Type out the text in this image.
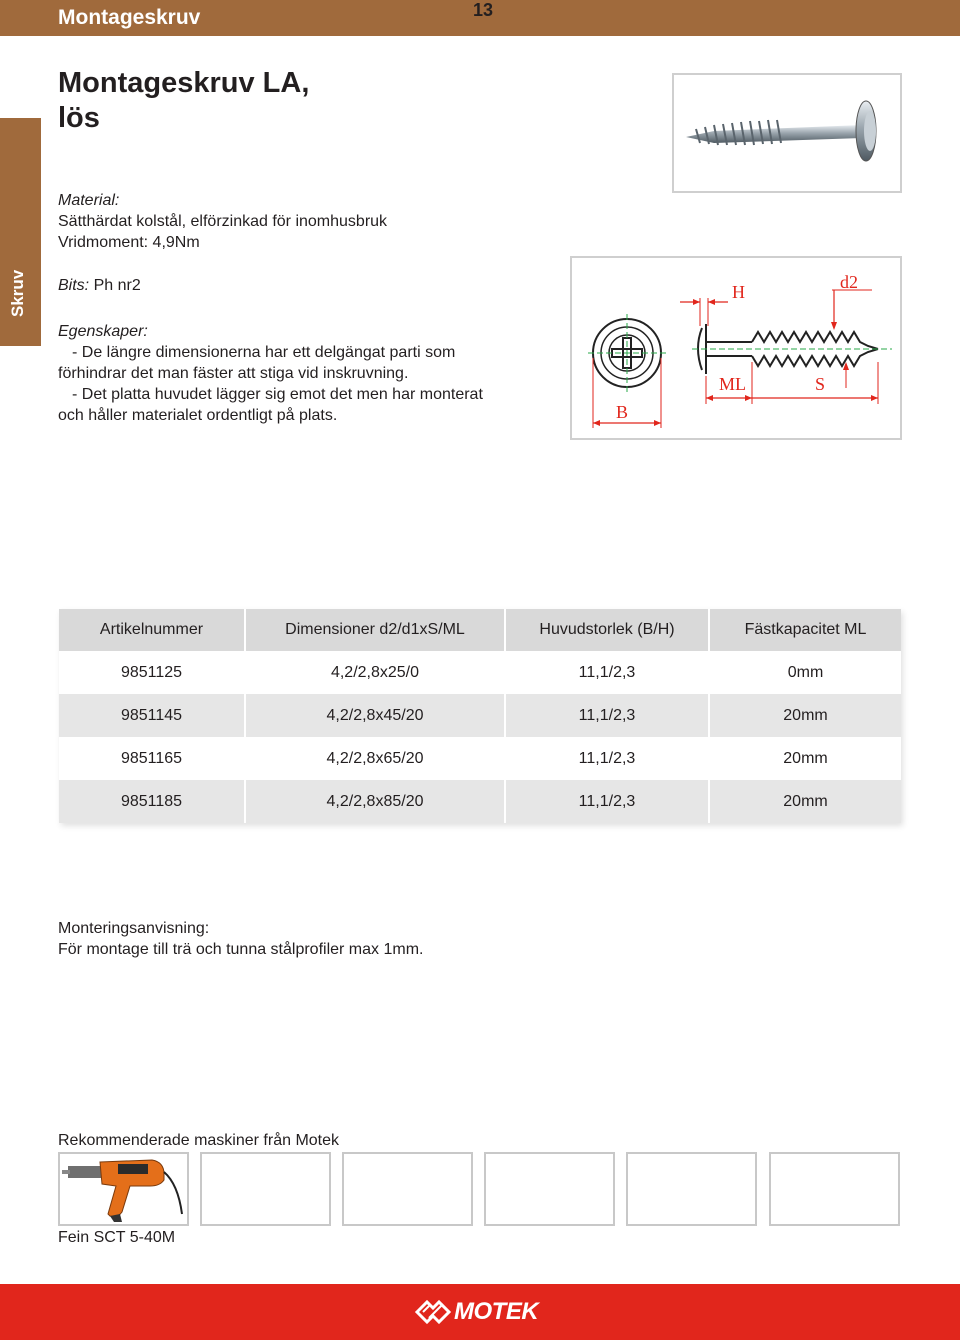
Montageskruv	13
Skruv
Montageskruv LA,
lös
Material:
Sätthärdat kolstål, elförzinkad för inomhusbruk
Vridmoment: 4,9Nm
Bits: Ph nr2
Egenskaper:
- De längre dimensionerna har ett delgängat parti som
förhindrar det man fäster att stiga vid inskruvning.
- Det platta huvudet lägger sig emot det men har monterat
och håller materialet ordentligt på plats.	B
H	d2
ML	S
Artikelnummer	Dimensioner d2/d1xS/ML	Huvudstorlek (B/H)	Fästkapacitet ML
9851125	4,2/2,8x25/0	11,1/2,3	0mm
9851145	4,2/2,8x45/20	11,1/2,3	20mm
9851165	4,2/2,8x65/20	11,1/2,3	20mm
9851185	4,2/2,8x85/20	11,1/2,3	20mm
Monteringsanvisning:
För montage till trä och tunna stålprofiler max 1mm.
Rekommenderade maskiner från Motek
Fein SCT 5-40M
MOTEK
